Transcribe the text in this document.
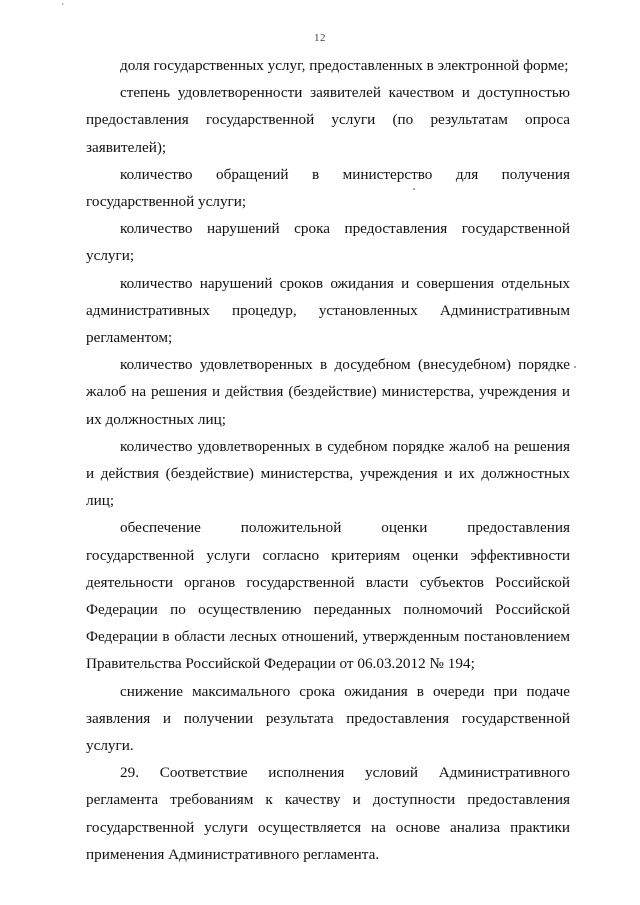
'
12

доля государственных услуг, предоставленных в электронной форме;

степень удовлетворенности заявителей качеством и доступностью предоставления государственной услуги (по результатам опроса заявителей);

количество обращений в министерство для получения государственной услуги;

количество нарушений срока предоставления государственной услуги;

количество нарушений сроков ожидания и совершения отдельных административных процедур, установленных Административным регламентом;

количество удовлетворенных в досудебном (внесудебном) порядке жалоб на решения и действия (бездействие) министерства, учреждения и их должностных лиц;

количество удовлетворенных в судебном порядке жалоб на решения и действия (бездействие) министерства, учреждения и их должностных лиц;

обеспечение положительной оценки предоставления государственной услуги согласно критериям оценки эффективности деятельности органов государственной власти субъектов Российской Федерации по осуществлению переданных полномочий Российской Федерации в области лесных отношений, утвержденным постановлением Правительства Российской Федерации от 06.03.2012 № 194;

снижение максимального срока ожидания в очереди при подаче заявления и получении результата предоставления государственной услуги.

29. Соответствие исполнения условий Административного регламента требованиям к качеству и доступности предоставления государственной услуги осуществляется на основе анализа практики применения Административного регламента.
